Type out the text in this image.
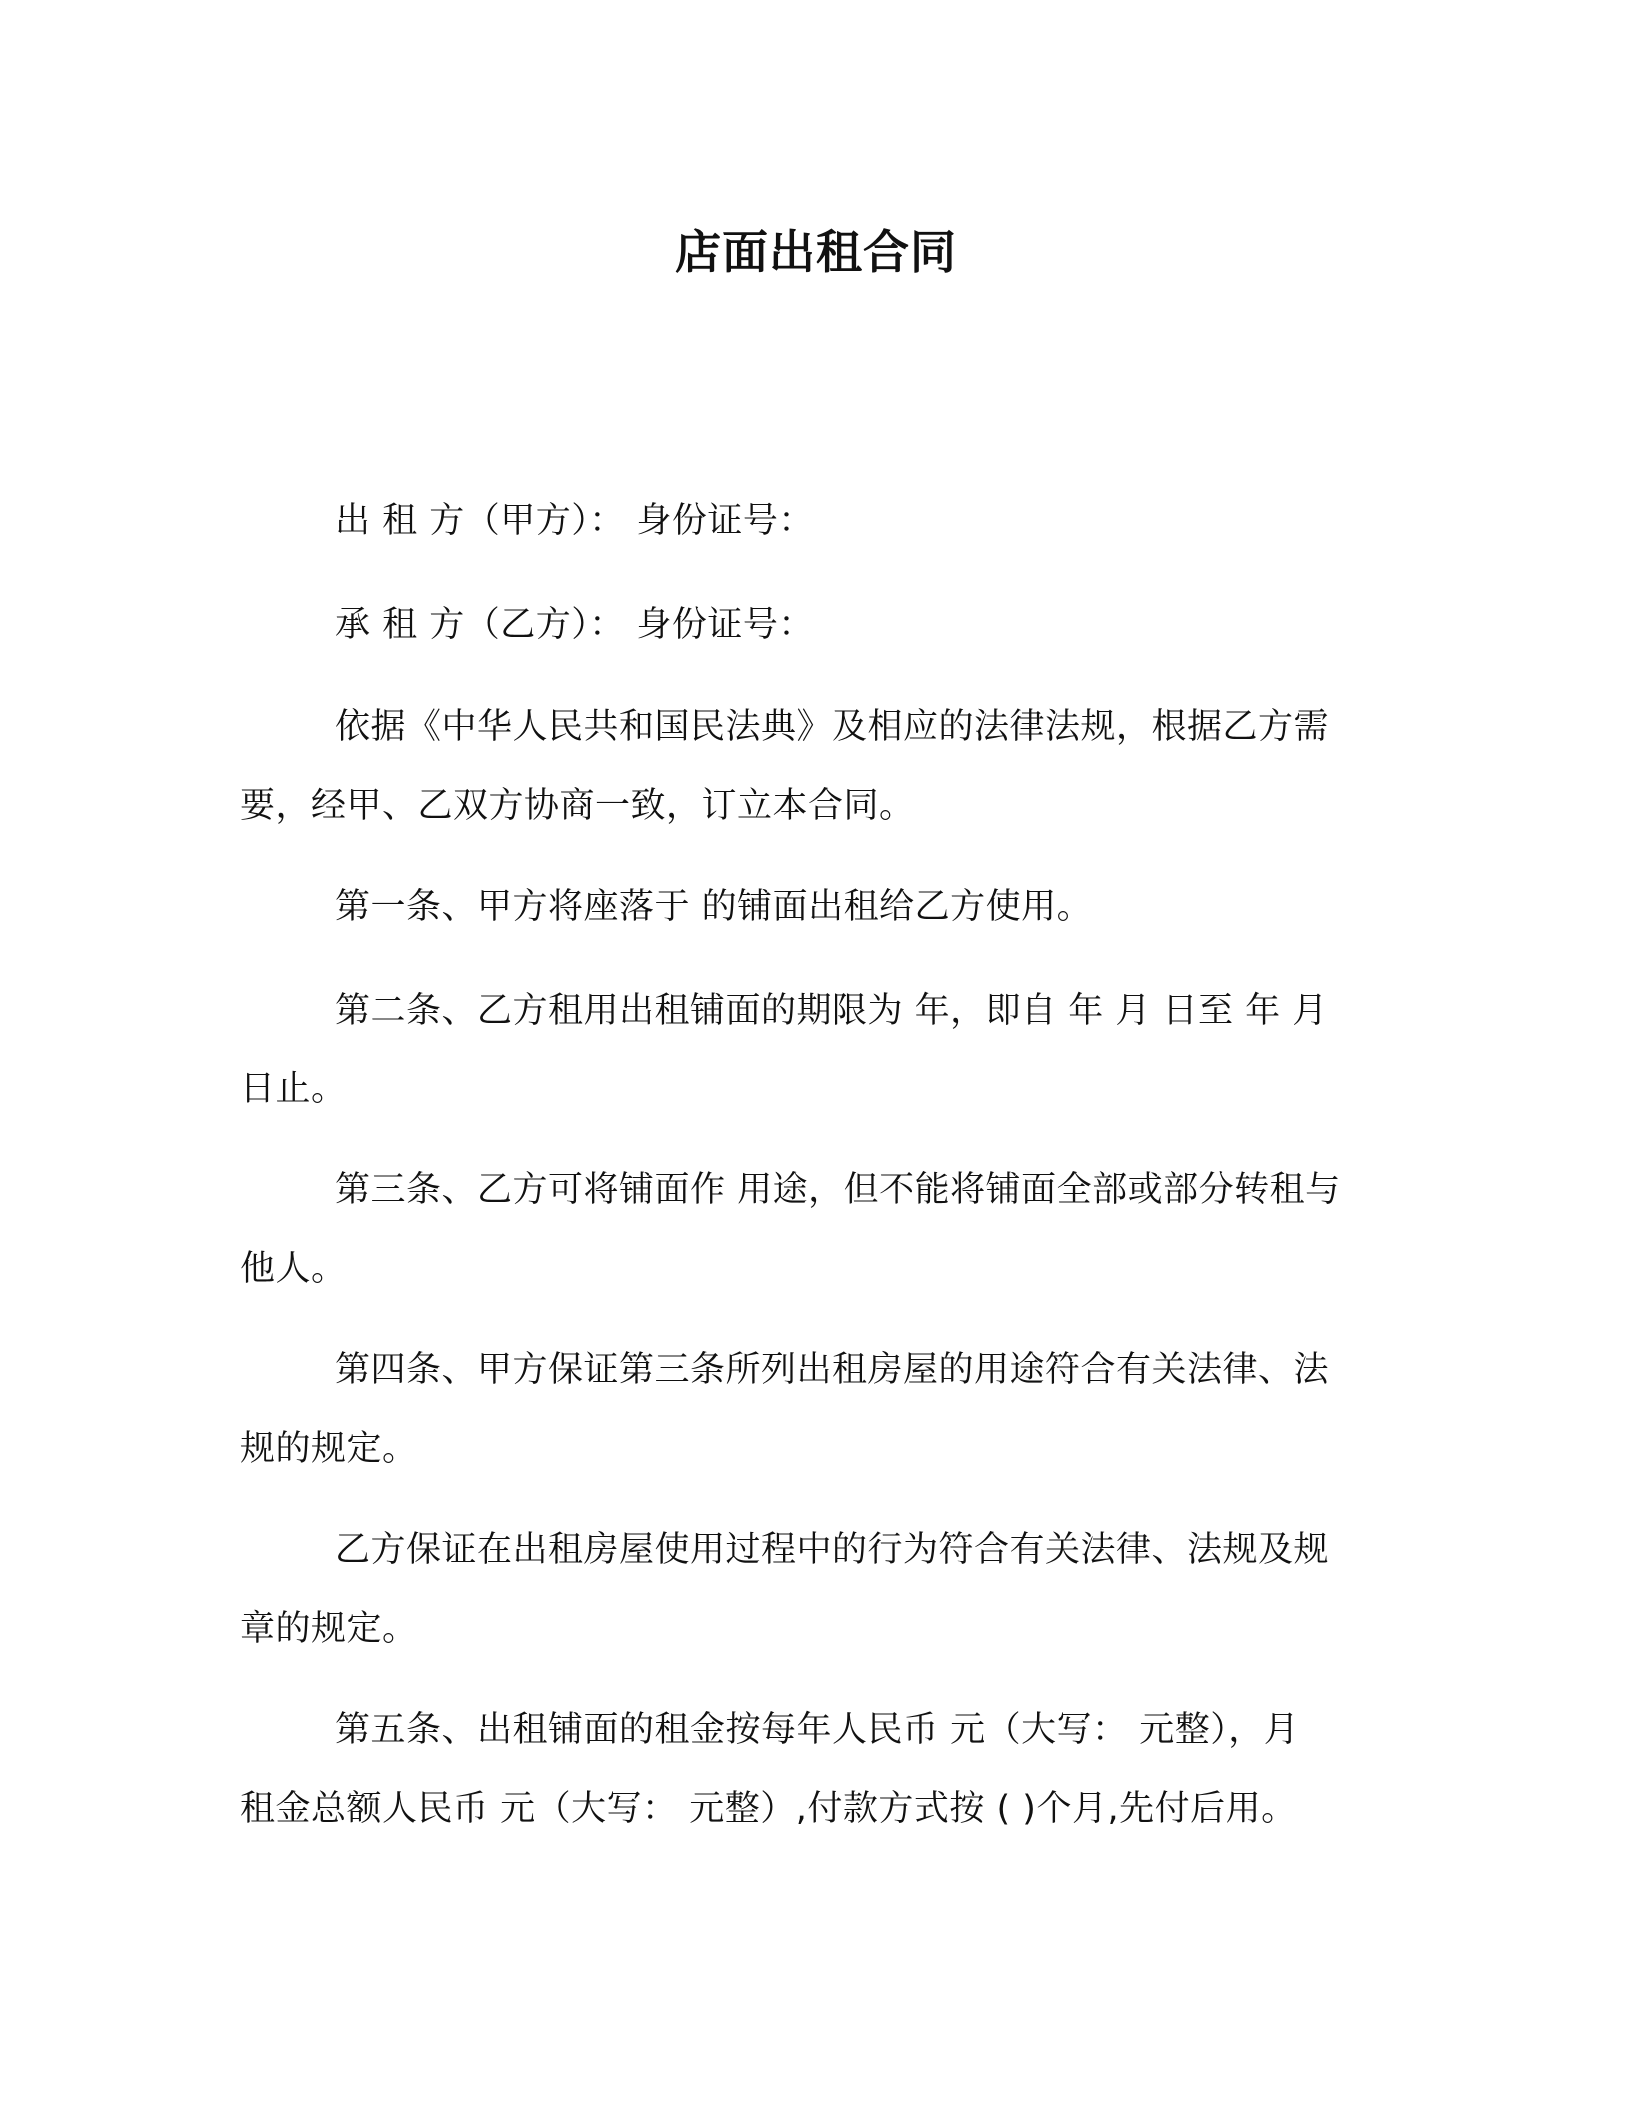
店面出租合同
出 租 方（甲方）： 身份证号：
承 租 方（乙方）： 身份证号：
依据《中华人民共和国民法典》及相应的法律法规，根据乙方需
要，经甲、乙双方协商一致，订立本合同。
第一条、甲方将座落于 的铺面出租给乙方使用。
第二条、乙方租用出租铺面的期限为 年，即自 年 月 日至 年 月
日止。
第三条、乙方可将铺面作 用途，但不能将铺面全部或部分转租与
他人。
第四条、甲方保证第三条所列出租房屋的用途符合有关法律、法
规的规定。
乙方保证在出租房屋使用过程中的行为符合有关法律、法规及规
章的规定。
第五条、出租铺面的租金按每年人民币 元（大写： 元整），月
租金总额人民币 元（大写： 元整）,付款方式按 ( )个月,先付后用。
